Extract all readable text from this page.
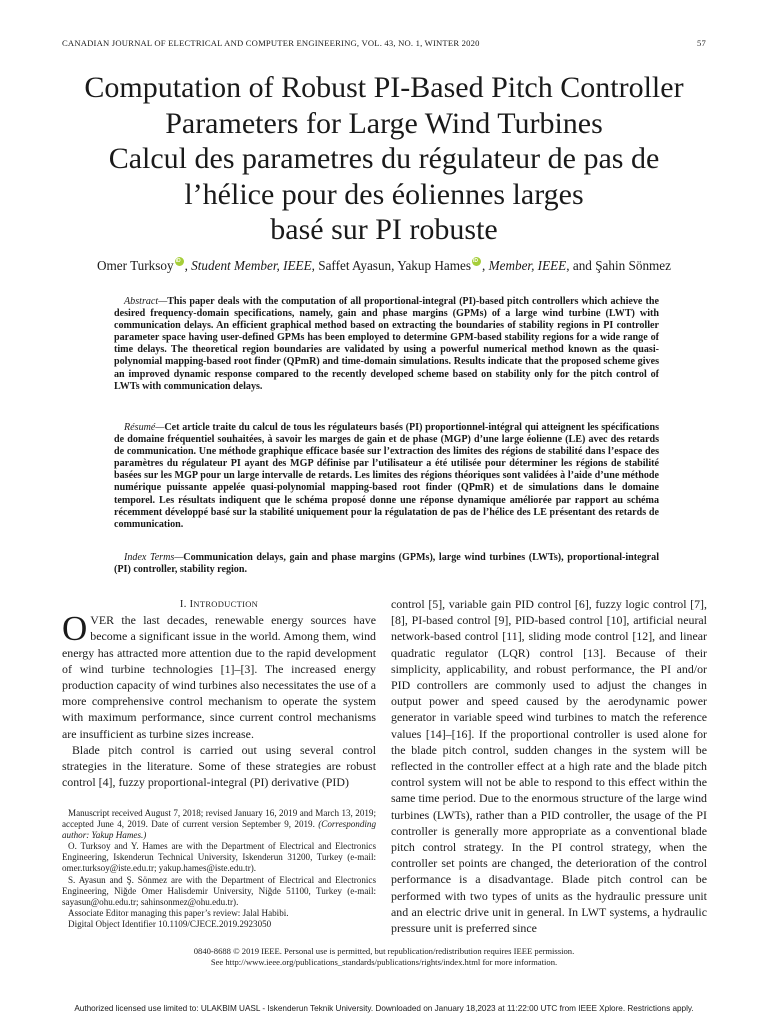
CANADIAN JOURNAL OF ELECTRICAL AND COMPUTER ENGINEERING, VOL. 43, NO. 1, WINTER 2020	57
Computation of Robust PI-Based Pitch Controller
Parameters for Large Wind Turbines
Calcul des parametres du régulateur de pas de
l’hélice pour des éoliennes larges
basé sur PI robuste
Omer Turksoy iD , Student Member, IEEE, Saffet Ayasun, Yakup Hames iD , Member, IEEE, and Şahin Sönmez
Abstract—This paper deals with the computation of all proportional-integral (PI)-based pitch controllers which achieve the desired frequency-domain specifications, namely, gain and phase margins (GPMs) of a large wind turbine (LWT) with communication delays. An efficient graphical method based on extracting the boundaries of stability regions in PI controller parameter space having user-defined GPMs has been employed to determine GPM-based stability regions for a wide range of time delays. The theoretical region boundaries are validated by using a powerful numerical method known as the quasi-polynomial mapping-based root finder (QPmR) and time-domain simulations. Results indicate that the proposed scheme gives an improved dynamic response compared to the recently developed scheme based on stability only for the pitch control of LWTs with communication delays.
Résumé—Cet article traite du calcul de tous les régulateurs basés (PI) proportionnel-intégral qui atteignent les spécifications de domaine fréquentiel souhaitées, à savoir les marges de gain et de phase (MGP) d’une large éolienne (LE) avec des retards de communication. Une méthode graphique efficace basée sur l’extraction des limites des régions de stabilité dans l’espace des paramètres du régulateur PI ayant des MGP définise par l’utilisateur a été utilisée pour déterminer les régions de stabilité basées sur les MGP pour un large intervalle de retards. Les limites des régions théoriques sont validées à l’aide d’une méthode numérique puissante appelée quasi-polynomial mapping-based root finder (QPmR) et de simulations dans le domaine temporel. Les résultats indiquent que le schéma proposé donne une réponse dynamique améliorée par rapport au schéma récemment développé basé sur la stabilité uniquement pour la régulatation de pas de l’hélice des LE présentant des retards de communication.
Index Terms—Communication delays, gain and phase margins (GPMs), large wind turbines (LWTs), proportional-integral (PI) controller, stability region.
I. INTRODUCTION
OVER the last decades, renewable energy sources have become a significant issue in the world. Among them, wind energy has attracted more attention due to the rapid development of wind turbine technologies [1]–[3]. The increased energy production capacity of wind turbines also necessitates the use of a more comprehensive control mechanism to operate the system with maximum performance, since current control mechanisms are insufficient as turbine sizes increase.
Blade pitch control is carried out using several control strategies in the literature. Some of these strategies are robust control [4], fuzzy proportional-integral (PI) derivative (PID)

Manuscript received August 7, 2018; revised January 16, 2019 and March 13, 2019; accepted June 4, 2019. Date of current version September 9, 2019. (Corresponding author: Yakup Hames.)

O. Turksoy and Y. Hames are with the Department of Electrical and Electronics Engineering, Iskenderun Technical University, Iskenderun 31200, Turkey (e-mail: omer.turksoy@iste.edu.tr; yakup.hames@iste.edu.tr).

S. Ayasun and Ş. Sönmez are with the Department of Electrical and Electronics Engineering, Niğde Omer Halisdemir University, Niğde 51100, Turkey (e-mail: sayasun@ohu.edu.tr; sahinsonmez@ohu.edu.tr).

Associate Editor managing this paper’s review: Jalal Habibi.

Digital Object Identifier 10.1109/CJECE.2019.2923050

control [5], variable gain PID control [6], fuzzy logic control [7], [8], PI-based control [9], PID-based control [10], artificial neural network-based control [11], sliding mode control [12], and linear quadratic regulator (LQR) control [13]. Because of their simplicity, applicability, and robust performance, the PI and/or PID controllers are commonly used to adjust the changes in output power and speed caused by the aerodynamic power generator in variable speed wind turbines to match the reference values [14]–[16]. If the proportional controller is used alone for the blade pitch control, sudden changes in the system will be reflected in the controller effect at a high rate and the blade pitch control system will not be able to respond to this effect within the same time period. Due to the enormous structure of the large wind turbines (LWTs), rather than a PID controller, the usage of the PI controller is generally more appropriate as a conventional blade pitch control strategy. In the PI control strategy, when the controller set points are changed, the deterioration of the control performance is a disadvantage. Blade pitch control can be performed with two types of units as the hydraulic pressure unit and an electric drive unit in general. In LWT systems, a hydraulic pressure unit is preferred since
0840-8688 © 2019 IEEE. Personal use is permitted, but republication/redistribution requires IEEE permission.
See http://www.ieee.org/publications_standards/publications/rights/index.html for more information.
Authorized licensed use limited to: ULAKBIM UASL - Iskenderun Teknik University. Downloaded on January 18,2023 at 11:22:00 UTC from IEEE Xplore. Restrictions apply.
